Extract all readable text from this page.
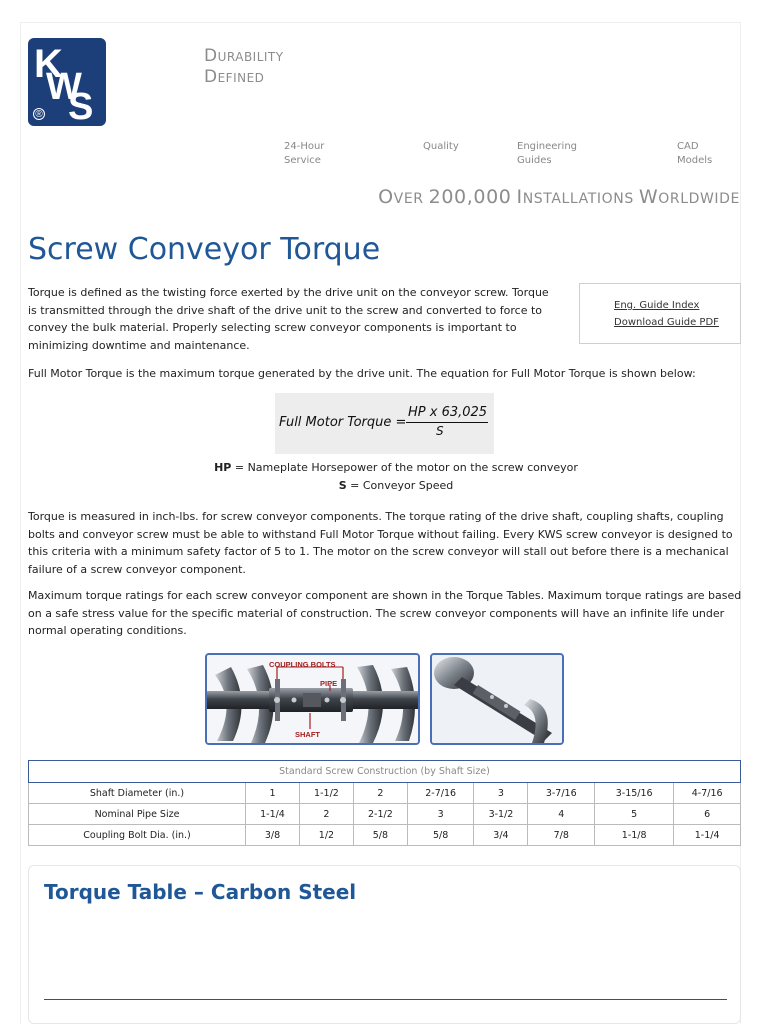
K
W
S
®
DURABILITY
DEFINED
24-Hour Service
Quality	Engineering Guides
CAD Models
OVER 200,000 INSTALLATIONS WORLDWIDE
Screw Conveyor Torque

Torque is defined as the twisting force exerted by the drive unit on the conveyor screw. Torque is transmitted through the drive shaft of the drive unit to the screw and converted to force to convey the bulk material. Properly selecting screw conveyor components is important to minimizing downtime and maintenance.

Eng. Guide Index
Download Guide PDF

Full Motor Torque is the maximum torque generated by the drive unit. The equation for Full Motor Torque is shown below:

Full Motor Torque =
HP x 63,025
S
HP = Nameplate Horsepower of the motor on the screw conveyor
S = Conveyor Speed

Torque is measured in inch-lbs. for screw conveyor components. The torque rating of the drive shaft, coupling shafts, coupling bolts and conveyor screw must be able to withstand Full Motor Torque without failing. Every KWS screw conveyor is designed to this criteria with a minimum safety factor of 5 to 1. The motor on the screw conveyor will stall out before there is a mechanical failure of a screw conveyor component.

Maximum torque ratings for each screw conveyor component are shown in the Torque Tables. Maximum torque ratings are based on a safe stress value for the specific material of construction. The screw conveyor components will have an infinite life under normal operating conditions.

COUPLING BOLTS
PIPE
SHAFT
Standard Screw Construction (by Shaft Size)								
Shaft Diameter (in.)	1	1-1/2	2	2-7/16	3	3-7/16	3-15/16	4-7/16
Nominal Pipe Size	1-1/4	2	2-1/2	3	3-1/2	4	5	6
Coupling Bolt Dia. (in.)	3/8	1/2	5/8	5/8	3/4	7/8	1-1/8	1-1/4
Torque Table – Carbon Steel
